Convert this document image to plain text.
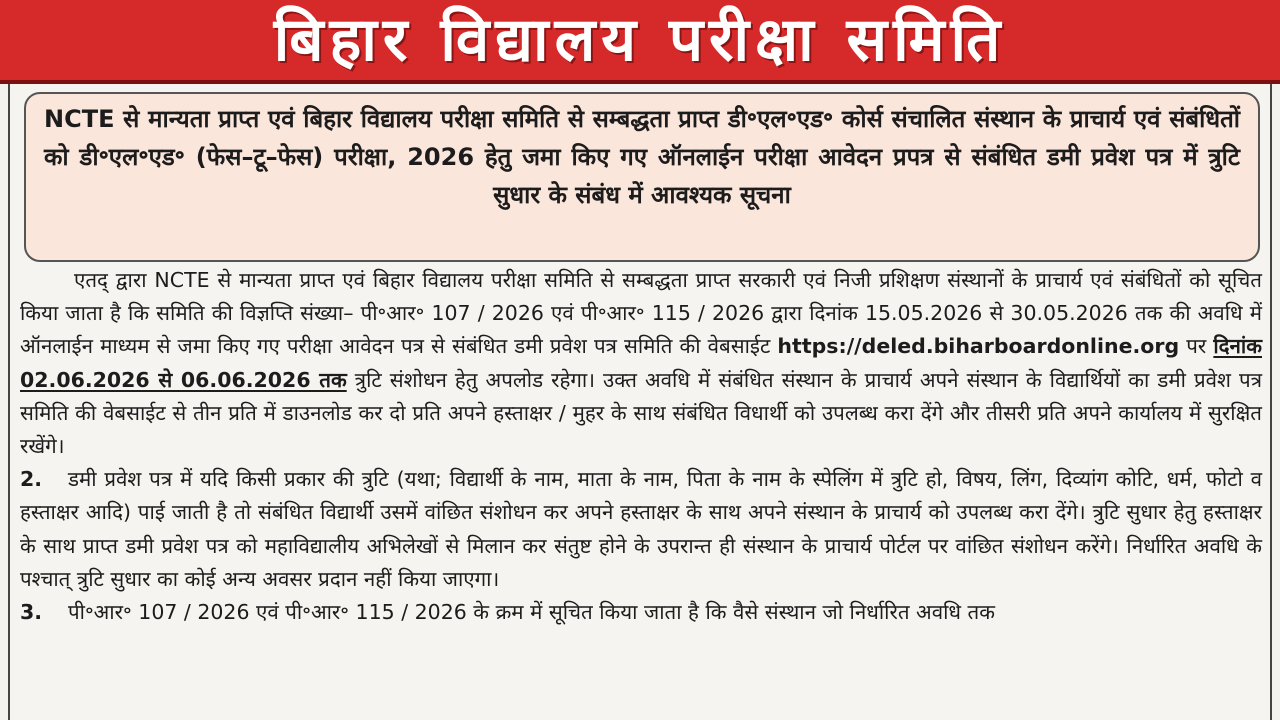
बिहार विद्यालय परीक्षा समिति
NCTE से मान्यता प्राप्त एवं बिहार विद्यालय परीक्षा समिति से सम्बद्धता प्राप्त डी॰एल॰एड॰ कोर्स संचालित संस्थान के प्राचार्य एवं संबंधितों को डी॰एल॰एड॰ (फेस–टू–फेस) परीक्षा, 2026 हेतु जमा किए गए ऑनलाईन परीक्षा आवेदन प्रपत्र से संबंधित डमी प्रवेश पत्र में त्रुटि सुधार के संबंध में आवश्यक सूचना

एतद् द्वारा NCTE से मान्यता प्राप्त एवं बिहार विद्यालय परीक्षा समिति से सम्बद्धता प्राप्त सरकारी एवं निजी प्रशिक्षण संस्थानों के प्राचार्य एवं संबंधितों को सूचित किया जाता है कि समिति की विज्ञप्ति संख्या– पी॰आर॰ 107 / 2026 एवं पी॰आर॰ 115 / 2026 द्वारा दिनांक 15.05.2026 से 30.05.2026 तक की अवधि में ऑनलाईन माध्यम से जमा किए गए परीक्षा आवेदन पत्र से संबंधित डमी प्रवेश पत्र समिति की वेबसाईट https://deled.biharboardonline.org पर दिनांक 02.06.2026 से 06.06.2026 तक त्रुटि संशोधन हेतु अपलोड रहेगा। उक्त अवधि में संबंधित संस्थान के प्राचार्य अपने संस्थान के विद्यार्थियों का डमी प्रवेश पत्र समिति की वेबसाईट से तीन प्रति में डाउनलोड कर दो प्रति अपने हस्ताक्षर / मुहर के साथ संबंधित विधार्थी को उपलब्ध करा देंगे और तीसरी प्रति अपने कार्यालय में सुरक्षित रखेंगे।

2. डमी प्रवेश पत्र में यदि किसी प्रकार की त्रुटि (यथा; विद्यार्थी के नाम, माता के नाम, पिता के नाम के स्पेलिंग में त्रुटि हो, विषय, लिंग, दिव्यांग कोटि, धर्म, फोटो व हस्ताक्षर आदि) पाई जाती है तो संबंधित विद्यार्थी उसमें वांछित संशोधन कर अपने हस्ताक्षर के साथ अपने संस्थान के प्राचार्य को उपलब्ध करा देंगे। त्रुटि सुधार हेतु हस्ताक्षर के साथ प्राप्त डमी प्रवेश पत्र को महाविद्यालीय अभिलेखों से मिलान कर संतुष्ट होने के उपरान्त ही संस्थान के प्राचार्य पोर्टल पर वांछित संशोधन करेंगे। निर्धारित अवधि के पश्चात् त्रुटि सुधार का कोई अन्य अवसर प्रदान नहीं किया जाएगा।

3. पी॰आर॰ 107 / 2026 एवं पी॰आर॰ 115 / 2026 के क्रम में सूचित किया जाता है कि वैसे संस्थान जो निर्धारित अवधि तक
